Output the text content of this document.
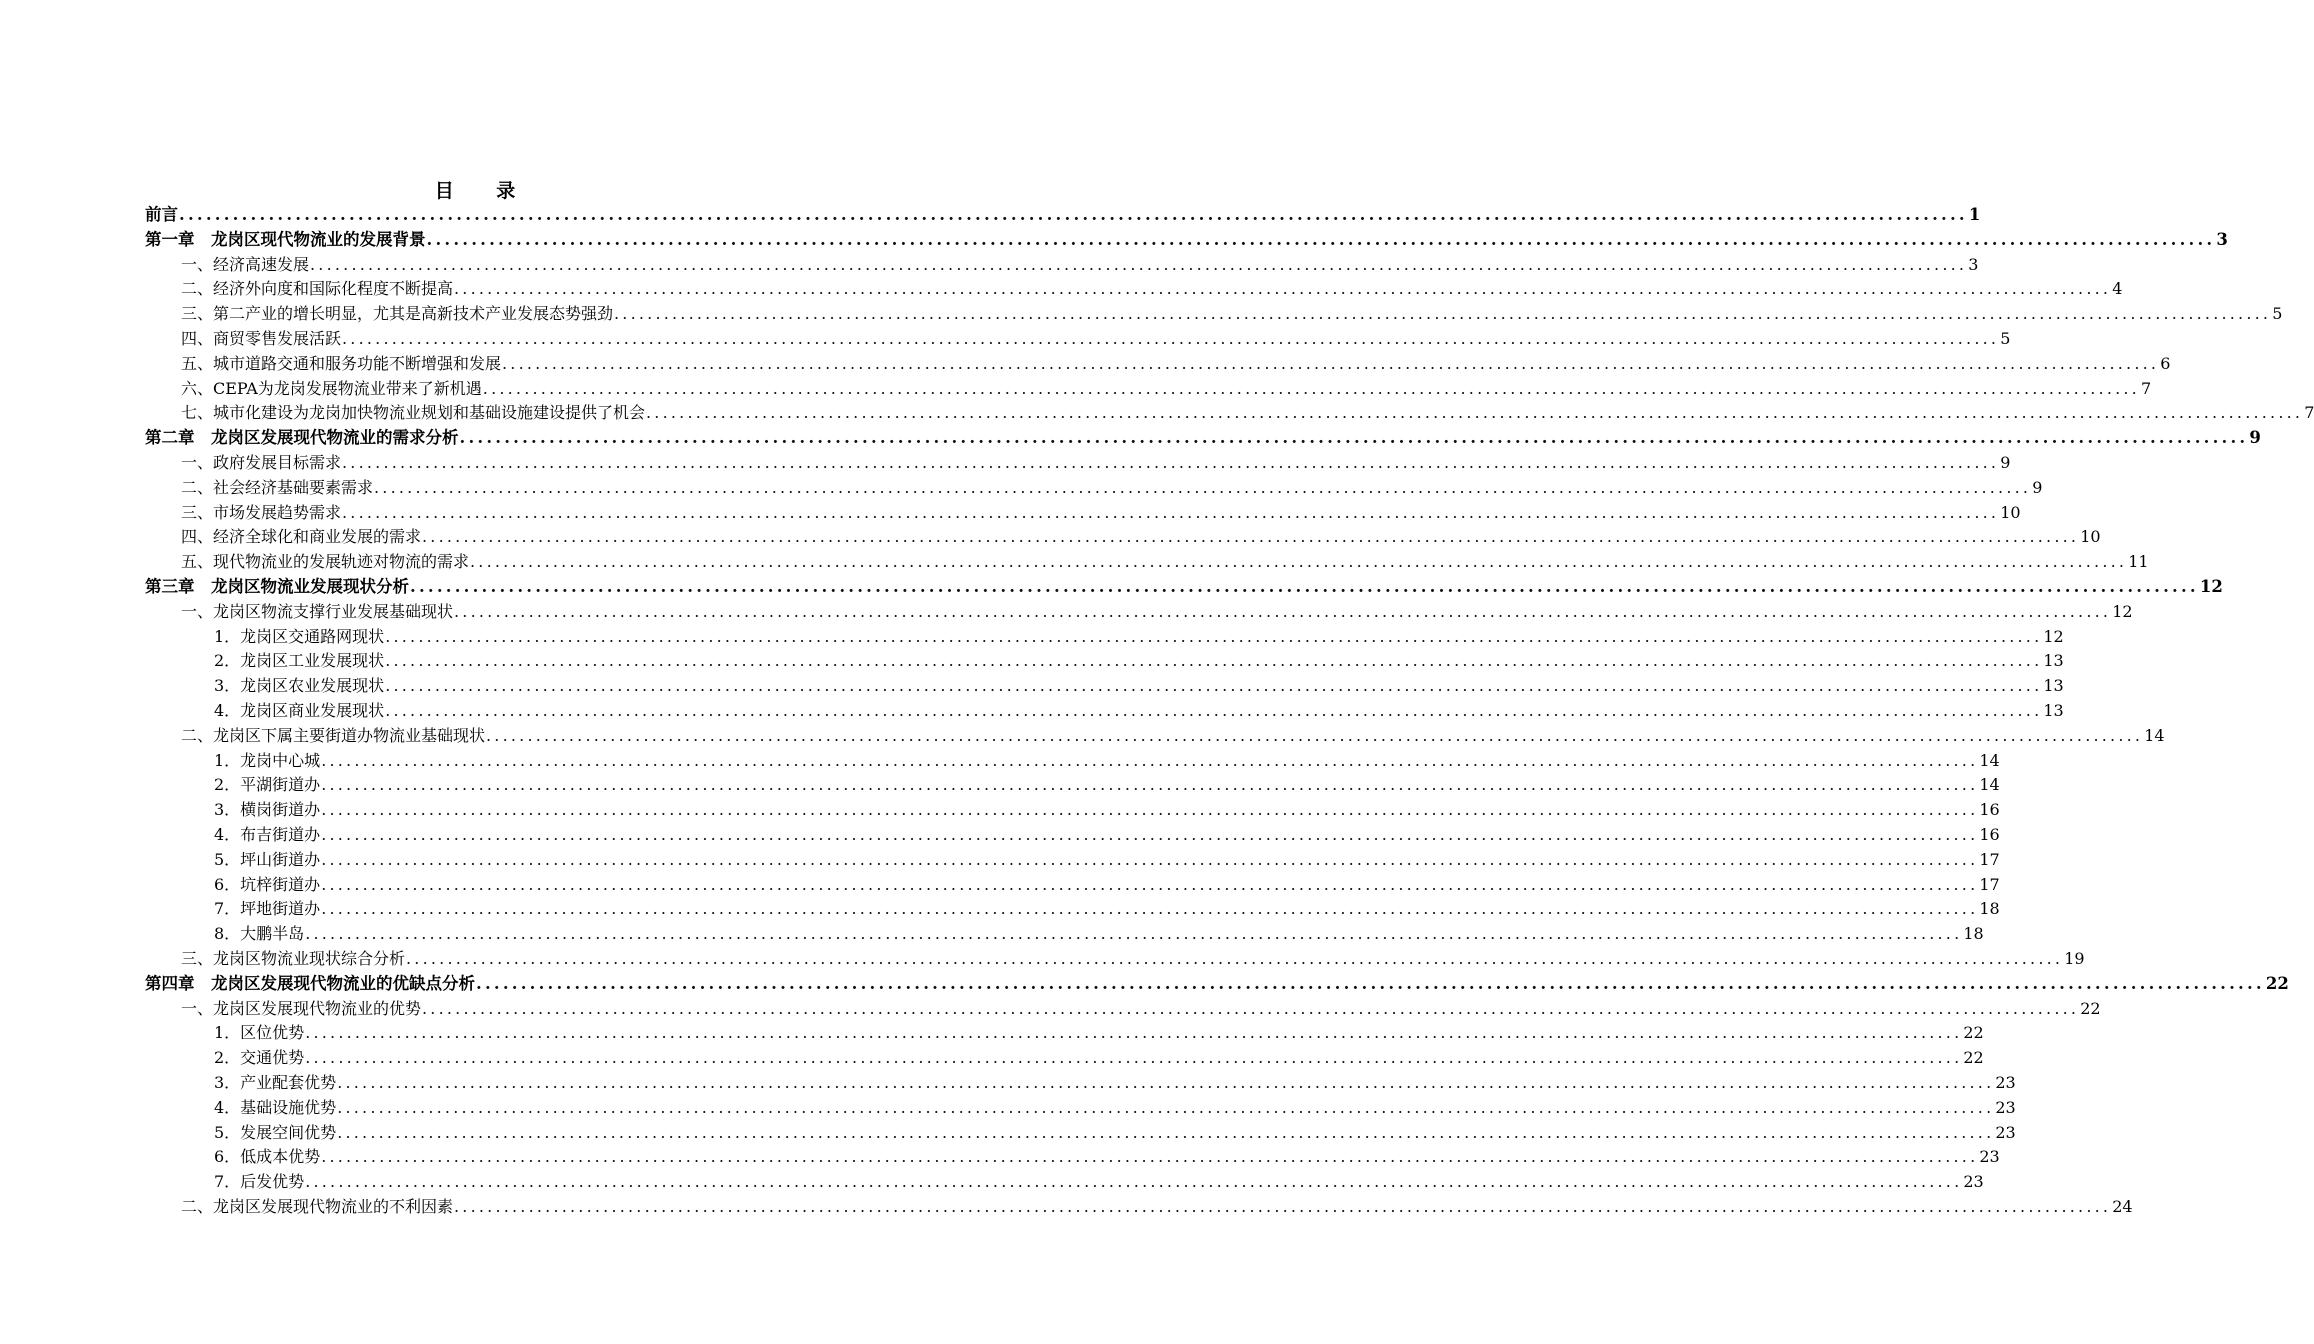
目 录
前言 ........................................................................................................................................................................................................ 1
第一章　龙岗区现代物流业的发展背景 ........................................................................................................................................................................................................ 3
一、经济高速发展 ........................................................................................................................................................................................................ 3
二、经济外向度和国际化程度不断提高 ........................................................................................................................................................................................................ 4
三、第二产业的增长明显，尤其是高新技术产业发展态势强劲 ........................................................................................................................................................................................................ 5
四、商贸零售发展活跃 ........................................................................................................................................................................................................ 5
五、城市道路交通和服务功能不断增强和发展 ........................................................................................................................................................................................................ 6
六、CEPA为龙岗发展物流业带来了新机遇 ........................................................................................................................................................................................................ 7
七、城市化建设为龙岗加快物流业规划和基础设施建设提供了机会 ........................................................................................................................................................................................................ 7
第二章　龙岗区发展现代物流业的需求分析 ........................................................................................................................................................................................................ 9
一、政府发展目标需求 ........................................................................................................................................................................................................ 9
二、社会经济基础要素需求 ........................................................................................................................................................................................................ 9
三、市场发展趋势需求 ........................................................................................................................................................................................................ 10
四、经济全球化和商业发展的需求 ........................................................................................................................................................................................................ 10
五、现代物流业的发展轨迹对物流的需求 ........................................................................................................................................................................................................ 11
第三章　龙岗区物流业发展现状分析 ........................................................................................................................................................................................................ 12
一、龙岗区物流支撑行业发展基础现状 ........................................................................................................................................................................................................ 12
1．龙岗区交通路网现状 ........................................................................................................................................................................................................ 12
2．龙岗区工业发展现状 ........................................................................................................................................................................................................ 13
3．龙岗区农业发展现状 ........................................................................................................................................................................................................ 13
4．龙岗区商业发展现状 ........................................................................................................................................................................................................ 13
二、龙岗区下属主要街道办物流业基础现状 ........................................................................................................................................................................................................ 14
1．龙岗中心城 ........................................................................................................................................................................................................ 14
2．平湖街道办 ........................................................................................................................................................................................................ 14
3．横岗街道办 ........................................................................................................................................................................................................ 16
4．布吉街道办 ........................................................................................................................................................................................................ 16
5．坪山街道办 ........................................................................................................................................................................................................ 17
6．坑梓街道办 ........................................................................................................................................................................................................ 17
7．坪地街道办 ........................................................................................................................................................................................................ 18
8．大鹏半岛 ........................................................................................................................................................................................................ 18
三、龙岗区物流业现状综合分析 ........................................................................................................................................................................................................ 19
第四章　龙岗区发展现代物流业的优缺点分析 ........................................................................................................................................................................................................ 22
一、龙岗区发展现代物流业的优势 ........................................................................................................................................................................................................ 22
1．区位优势 ........................................................................................................................................................................................................ 22
2．交通优势 ........................................................................................................................................................................................................ 22
3．产业配套优势 ........................................................................................................................................................................................................ 23
4．基础设施优势 ........................................................................................................................................................................................................ 23
5．发展空间优势 ........................................................................................................................................................................................................ 23
6．低成本优势 ........................................................................................................................................................................................................ 23
7．后发优势 ........................................................................................................................................................................................................ 23
二、龙岗区发展现代物流业的不利因素 ........................................................................................................................................................................................................ 24
